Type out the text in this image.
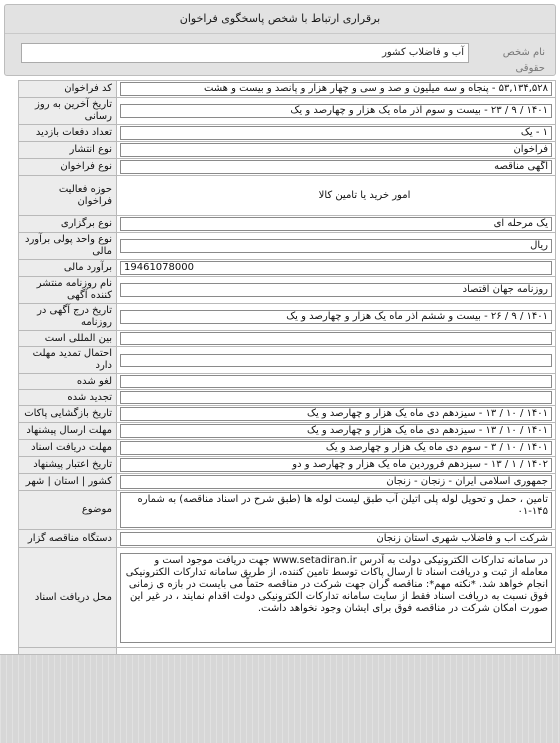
برقراری ارتباط با شخص پاسخگوی فراخوان
نام شخص حقوقی
آب و فاضلاب کشور
۵۳,۱۳۴,۵۲۸ - پنجاه و سه میلیون و صد و سی و چهار هزار و پانصد و بیست و هشت	کد فراخوان

۱۴۰۱ / ۹ / ۲۳ - بیست و سوم آذر ماه یک هزار و چهارصد و یک	تاریخ آخرین به روز رسانی

۱ - یک	تعداد دفعات بازدید

فراخوان	نوع انتشار

آگهی مناقصه	نوع فراخوان

امور خرید یا تامین کالا	حوزه فعالیت فراخوان

یک مرحله ای	نوع برگزاری

ریال	نوع واحد پولی برآورد مالی

19461078000	برآورد مالی

روزنامه جهان اقتصاد	نام روزنامه منتشر کننده آگهی

۱۴۰۱ / ۹ / ۲۶ - بیست و ششم آذر ماه یک هزار و چهارصد و یک	تاریخ درج آگهی در روزنامه

	بین المللی است

	احتمال تمدید مهلت دارد

	لغو شده

	تجدید شده

۱۴۰۱ / ۱۰ / ۱۳ - سیزدهم دی ماه یک هزار و چهارصد و یک	تاریخ بازگشایی پاکات

۱۴۰۱ / ۱۰ / ۱۳ - سیزدهم دی ماه یک هزار و چهارصد و یک	مهلت ارسال پیشنهاد

۱۴۰۱ / ۱۰ / ۳ - سوم دی ماه یک هزار و چهارصد و یک	مهلت دریافت اسناد

۱۴۰۲ / ۱ / ۱۳ - سیزدهم فروردین ماه یک هزار و چهارصد و دو	تاریخ اعتبار پیشنهاد

جمهوری اسلامی ایران - زنجان - زنجان	کشور | استان | شهر

تامین ، حمل و تحویل لوله پلی اتیلن آب طبق لیست لوله ها (طبق شرح در اسناد مناقصه) به شماره ۱۴۵-۰۱	موضوع

شرکت آب و فاضلاب شهری استان زنجان	دستگاه مناقصه گزار

در سامانه تدارکات الکترونیکی دولت به آدرس www.setadiran.ir جهت دریافت موجود است و معامله از ثبت و دریافت اسناد تا ارسال پاکات توسط تامین کننده، از طریق سامانه تدارکات الکترونیکی انجام خواهد شد. *نکته مهم*: مناقصه گران جهت شرکت در مناقصه حتماً می بایست در بازه ی زمانی فوق نسبت به دریافت اسناد فقط از سایت سامانه تدارکات الکترونیکی دولت اقدام نمایند ، در غیر این صورت امکان شرکت در مناقصه فوق برای ایشان وجود نخواهد داشت.	محل دریافت اسناد
